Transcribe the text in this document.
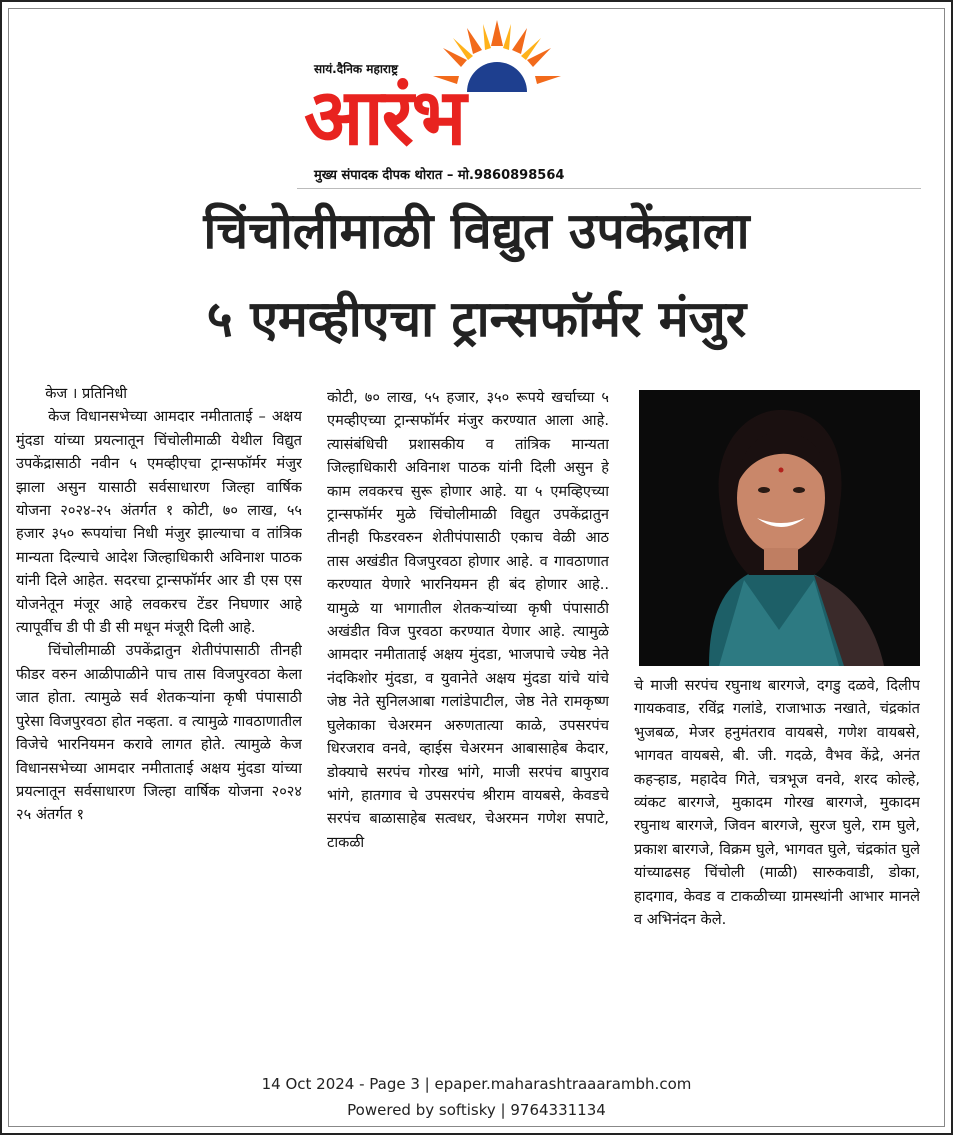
सायं.दैनिक महाराष्ट्र
आरंभ
मुख्य संपादक दीपक थोरात – मो.9860898564
चिंचोलीमाळी विद्युत उपकेंद्राला
५ एमव्हीएचा ट्रान्सफॉर्मर मंजुर

केज । प्रतिनिधी

केज विधानसभेच्या आमदार नमीताताई – अक्षय मुंदडा यांच्या प्रयत्नातून चिंचोलीमाळी येथील विद्युत उपकेंद्रासाठी नवीन ५ एमव्हीएचा ट्रान्सफॉर्मर मंजुर झाला असुन यासाठी सर्वसाधारण जिल्हा वार्षिक योजना २०२४-२५ अंतर्गत १ कोटी, ७० लाख, ५५ हजार ३५० रूपयांचा निधी मंजुर झाल्याचा व तांत्रिक मान्यता दिल्याचे आदेश जिल्हाधिकारी अविनाश पाठक यांनी दिले आहेत. सदरचा ट्रान्सफॉर्मर आर डी एस एस योजनेतून मंजूर आहे लवकरच टेंडर निघणार आहे त्यापूर्वीच डी पी डी सी मधून मंजूरी दिली आहे.

चिंचोलीमाळी उपकेंद्रातुन शेतीपंपासाठी तीनही फीडर वरुन आळीपाळीने पाच तास विजपुरवठा केला जात होता. त्यामुळे सर्व शेतकऱ्यांना कृषी पंपासाठी पुरेसा विजपुरवठा होत नव्हता. व त्यामुळे गावठाणातील विजेचे भारनियमन करावे लागत होते. त्यामुळे केज विधानसभेच्या आमदार नमीताताई अक्षय मुंदडा यांच्या प्रयत्नातून सर्वसाधारण जिल्हा वार्षिक योजना २०२४ २५ अंतर्गत १

कोटी, ७० लाख, ५५ हजार, ३५० रूपये खर्चाच्या ५ एमव्हीएच्या ट्रान्सफॉर्मर मंजुर करण्यात आला आहे. त्यासंबंधिची प्रशासकीय व तांत्रिक मान्यता जिल्हाधिकारी अविनाश पाठक यांनी दिली असुन हे काम लवकरच सुरू होणार आहे. या ५ एमव्हिएच्या ट्रान्सफॉर्मर मुळे चिंचोलीमाळी विद्युत उपकेंद्रातुन तीनही फिडरवरुन शेतीपंपासाठी एकाच वेळी आठ तास अखंडीत विजपुरवठा होणार आहे. व गावठाणात करण्यात येणारे भारनियमन ही बंद होणार आहे.. यामुळे या भागातील शेतकऱ्यांच्या कृषी पंपासाठी अखंडीत विज पुरवठा करण्यात येणार आहे. त्यामुळे आमदार नमीताताई अक्षय मुंदडा, भाजपाचे ज्येष्ठ नेते नंदकिशोर मुंदडा, व युवानेते अक्षय मुंदडा यांचे यांचे जेष्ठ नेते सुनिलआबा गलांडेपाटील, जेष्ठ नेते रामकृष्ण घुलेकाका चेअरमन अरुणतात्या काळे, उपसरपंच धिरजराव वनवे, व्हाईस चेअरमन आबासाहेब केदार, डोक्याचे सरपंच गोरख भांगे, माजी सरपंच बापुराव भांगे, हातगाव चे उपसरपंच श्रीराम वायबसे, केवडचे सरपंच बाळासाहेब सत्वधर, चेअरमन गणेश सपाटे, टाकळी

चे माजी सरपंच रघुनाथ बारगजे, दगडु दळवे, दिलीप गायकवाड, रविंद्र गलांडे, राजाभाऊ नखाते, चंद्रकांत भुजबळ, मेजर हनुमंतराव वायबसे, गणेश वायबसे, भागवत वायबसे, बी. जी. गदळे, वैभव केंद्रे, अनंत कहऱ्हाड, महादेव गिते, चत्रभूज वनवे, शरद कोल्हे, व्यंकट बारगजे, मुकादम गोरख बारगजे, मुकादम रघुनाथ बारगजे, जिवन बारगजे, सुरज घुले, राम घुले, प्रकाश बारगजे, विक्रम घुले, भागवत घुले, चंद्रकांत घुले यांच्याढसह चिंचोली (माळी) सारुकवाडी, डोका, हादगाव, केवड व टाकळीच्या ग्रामस्थांनी आभार मानले व अभिनंदन केले.

14 Oct 2024 - Page 3 | epaper.maharashtraaarambh.com
Powered by softisky | 9764331134
